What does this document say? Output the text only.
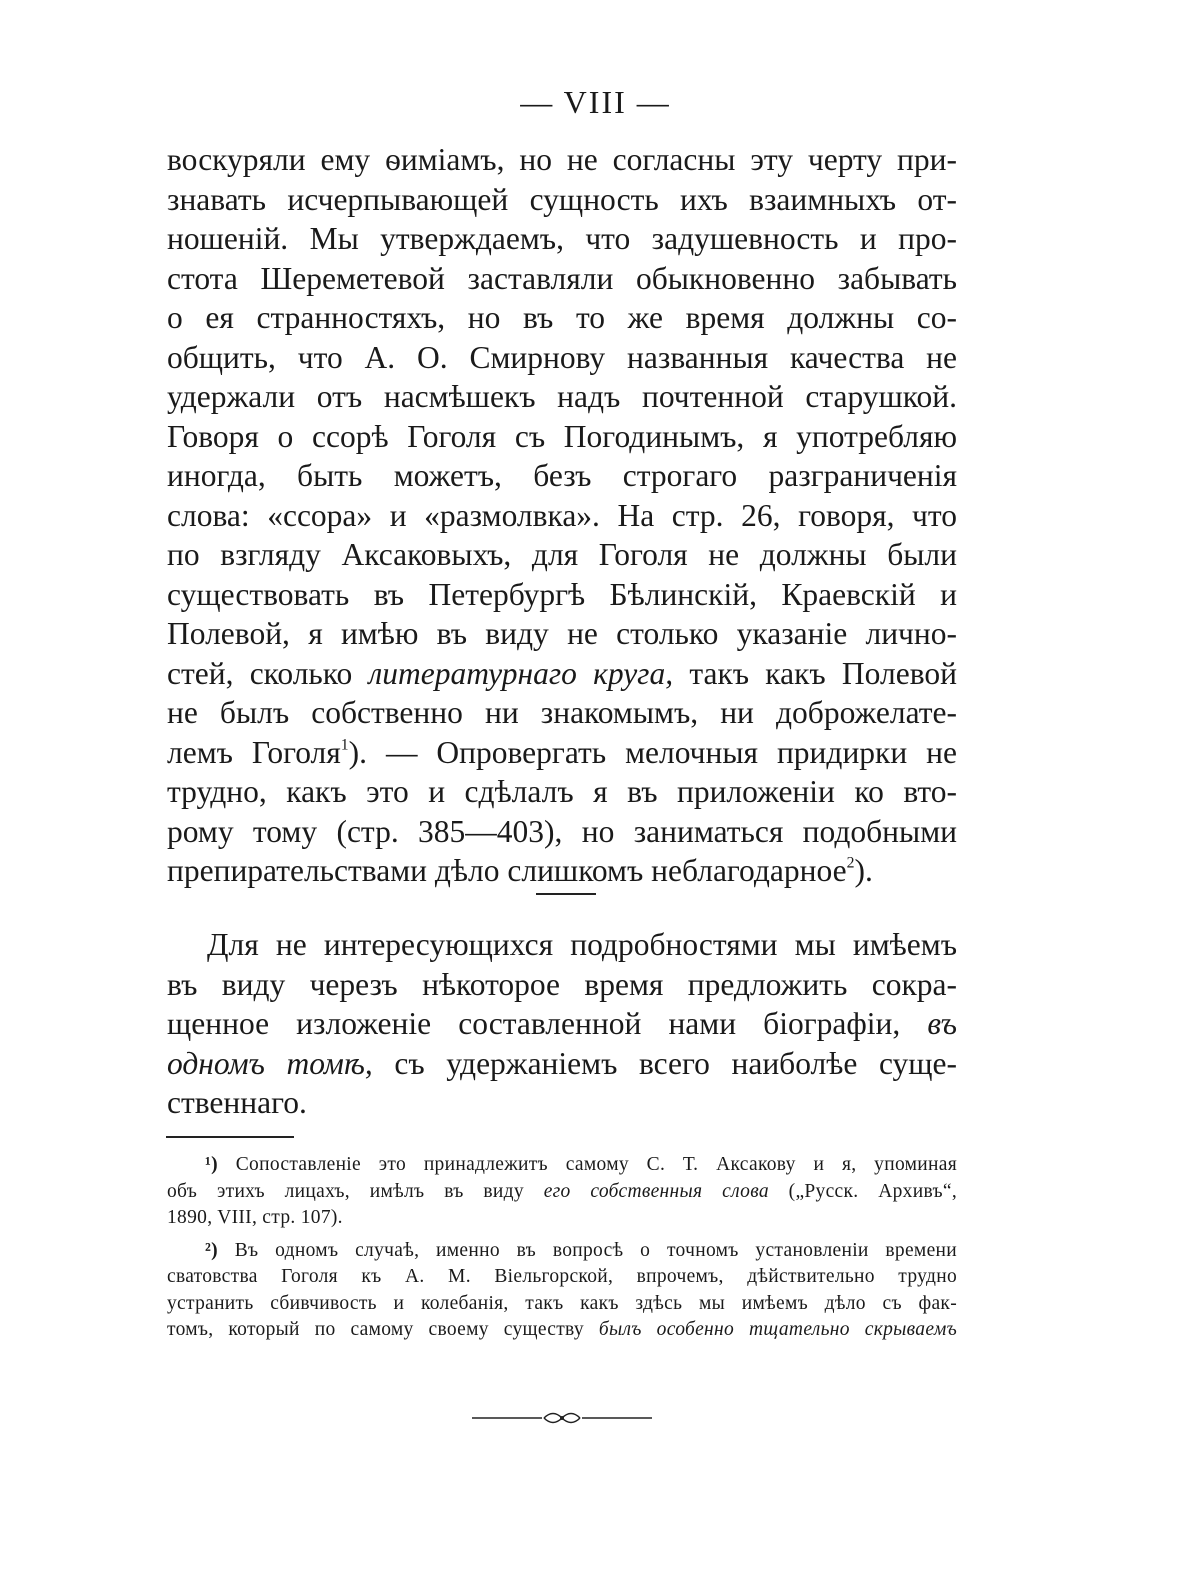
— VIII —
воскуряли ему ѳиміамъ, но не согласны эту черту при-
знавать исчерпывающей сущность ихъ взаимныхъ от-
ношеній. Мы утверждаемъ, что задушевность и про-
стота Шереметевой заставляли обыкновенно забывать
о ея странностяхъ, но въ то же время должны со-
общить, что А. О. Смирнову названныя качества не
удержали отъ насмѣшекъ надъ почтенной старушкой.
Говоря о ссорѣ Гоголя съ Погодинымъ, я употребляю
иногда, быть можетъ, безъ строгаго разграниченія
слова: «ссора» и «размолвка». На стр. 26, говоря, что
по взгляду Аксаковыхъ, для Гоголя не должны были
существовать въ Петербургѣ Бѣлинскій, Краевскій и
Полевой, я имѣю въ виду не столько указаніе лично-
стей, сколько литературнаго круга, такъ какъ Полевой
не былъ собственно ни знакомымъ, ни доброжелате-
лемъ Гоголя$^1$). — Опровергать мелочныя придирки не
трудно, какъ это и сдѣлалъ я въ приложеніи ко вто-
рому тому (стр. 385—403), но заниматься подобными
препирательствами дѣло слишкомъ неблагодарное$^2$).
Для не интересующихся подробностями мы имѣемъ
въ виду черезъ нѣкоторое время предложить сокра-
щенное изложеніе составленной нами біографіи, въ
одномъ томѣ, съ удержаніемъ всего наиболѣе суще-
ственнаго.
¹) Сопоставленіе это принадлежитъ самому С. Т. Аксакову и я, упоминая
объ этихъ лицахъ, имѣлъ въ виду его собственныя слова („Русск. Архивъ“,
1890, VIII, стр. 107).
²) Въ одномъ случаѣ, именно въ вопросѣ о точномъ установленіи времени
сватовства Гоголя къ А. М. Віельгорской, впрочемъ, дѣйствительно трудно
устранить сбивчивость и колебанія, такъ какъ здѣсь мы имѣемъ дѣло съ фак-
томъ, который по самому своему существу былъ особенно тщательно скрываемъ
